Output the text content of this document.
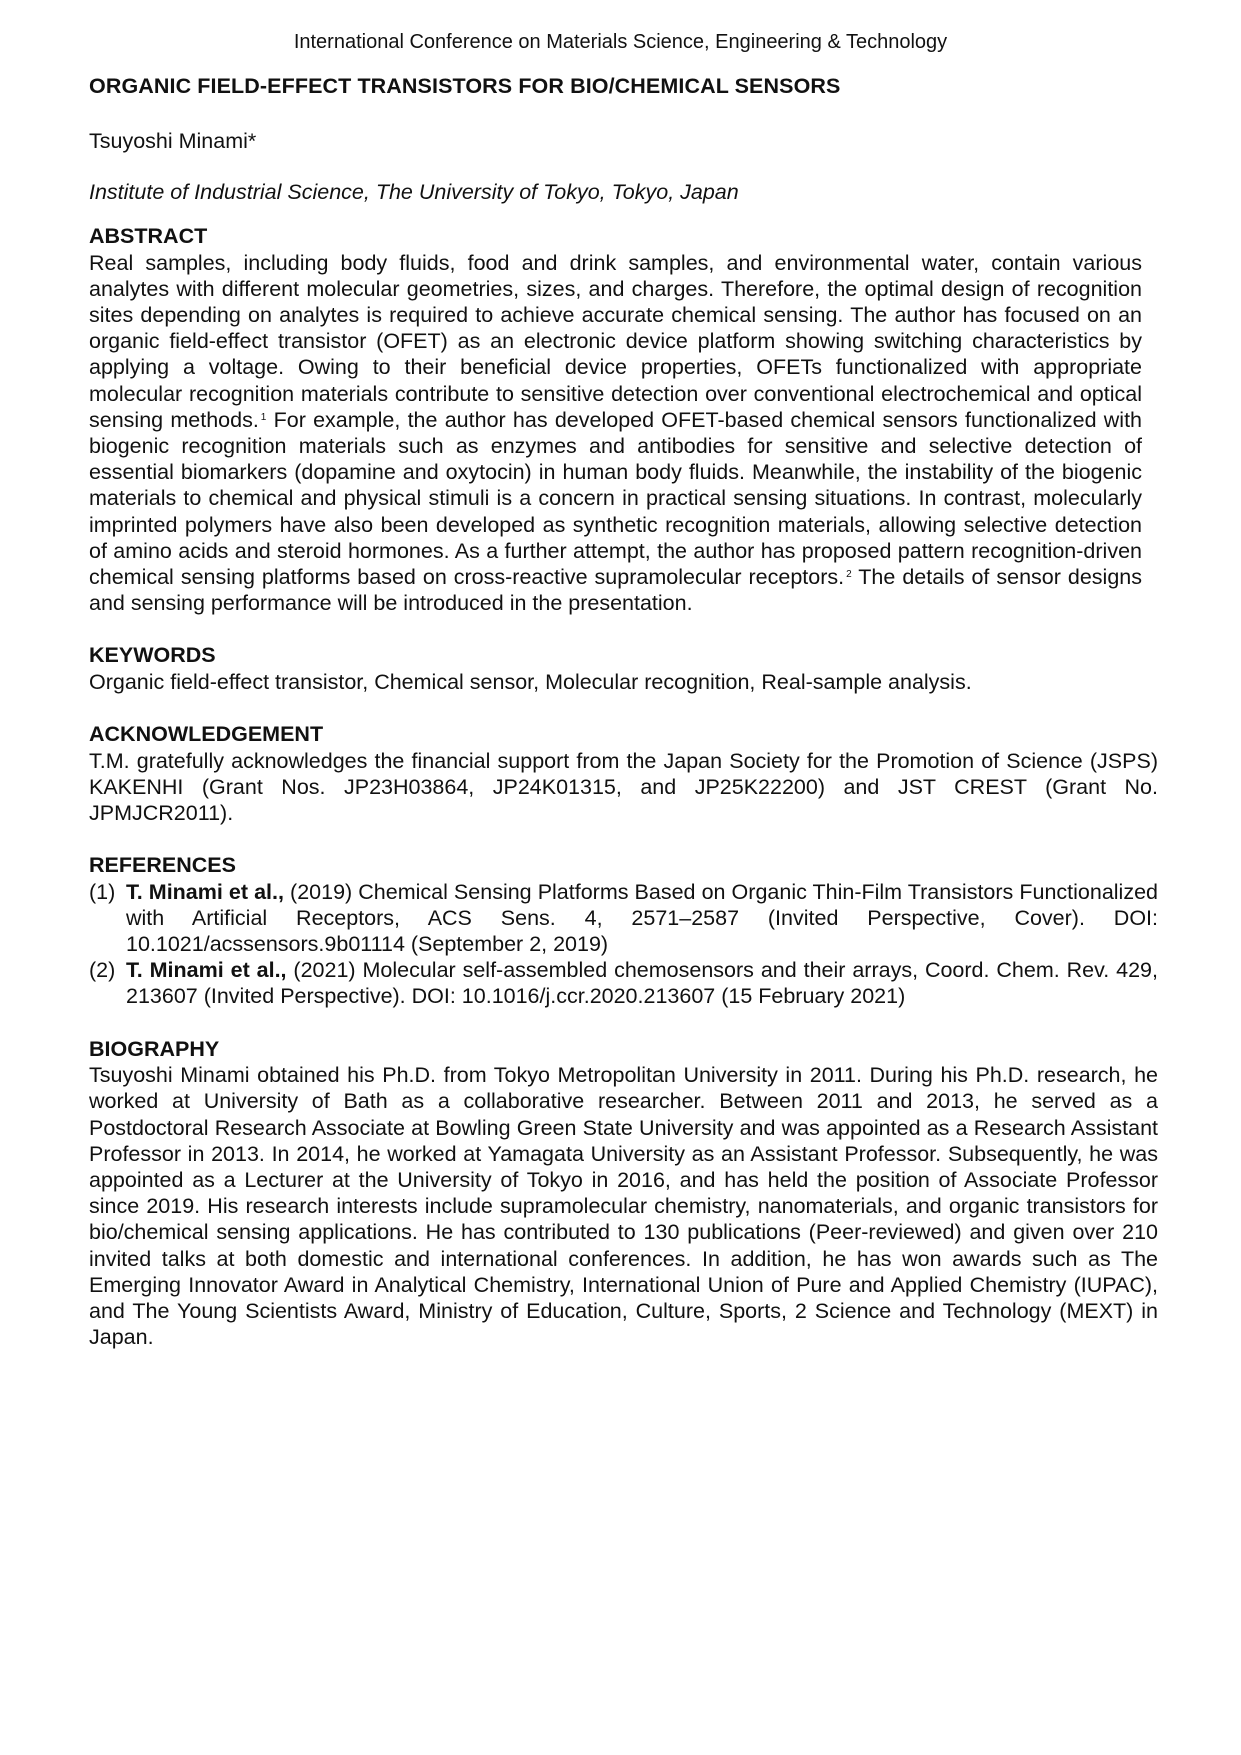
International Conference on Materials Science, Engineering & Technology
ORGANIC FIELD-EFFECT TRANSISTORS FOR BIO/CHEMICAL SENSORS

Tsuyoshi Minami*

Institute of Industrial Science, The University of Tokyo, Tokyo, Japan

ABSTRACT

Real samples, including body fluids, food and drink samples, and environmental water, contain various analytes with different molecular geometries, sizes, and charges. Therefore, the optimal design of recognition sites depending on analytes is required to achieve accurate chemical sensing. The author has focused on an organic field-effect transistor (OFET) as an electronic device platform showing switching characteristics by applying a voltage. Owing to their beneficial device properties, OFETs functionalized with appropriate molecular recognition materials contribute to sensitive detection over conventional electrochemical and optical sensing methods. $^1$ For example, the author has developed OFET-based chemical sensors functionalized with biogenic recognition materials such as enzymes and antibodies for sensitive and selective detection of essential biomarkers (dopamine and oxytocin) in human body fluids. Meanwhile, the instability of the biogenic materials to chemical and physical stimuli is a concern in practical sensing situations. In contrast, molecularly imprinted polymers have also been developed as synthetic recognition materials, allowing selective detection of amino acids and steroid hormones. As a further attempt, the author has proposed pattern recognition-driven chemical sensing platforms based on cross-reactive supramolecular receptors. $^2$ The details of sensor designs and sensing performance will be introduced in the presentation.

KEYWORDS

Organic field-effect transistor, Chemical sensor, Molecular recognition, Real-sample analysis.

ACKNOWLEDGEMENT

T.M. gratefully acknowledges the financial support from the Japan Society for the Promotion of Science (JSPS) KAKENHI (Grant Nos. JP23H03864, JP24K01315, and JP25K22200) and JST CREST (Grant No. JPMJCR2011).

REFERENCES
(1) T. Minami et al., (2019) Chemical Sensing Platforms Based on Organic Thin-Film Transistors Functionalized with Artificial Receptors, ACS Sens. 4, 2571–2587 (Invited Perspective, Cover). DOI: 10.1021/acssensors.9b01114 (September 2, 2019)
(2) T. Minami et al., (2021) Molecular self-assembled chemosensors and their arrays, Coord. Chem. Rev. 429, 213607 (Invited Perspective). DOI: 10.1016/j.ccr.2020.213607 (15 February 2021)
BIOGRAPHY

Tsuyoshi Minami obtained his Ph.D. from Tokyo Metropolitan University in 2011. During his Ph.D. research, he worked at University of Bath as a collaborative researcher. Between 2011 and 2013, he served as a Postdoctoral Research Associate at Bowling Green State University and was appointed as a Research Assistant Professor in 2013. In 2014, he worked at Yamagata University as an Assistant Professor. Subsequently, he was appointed as a Lecturer at the University of Tokyo in 2016, and has held the position of Associate Professor since 2019. His research interests include supramolecular chemistry, nanomaterials, and organic transistors for bio/chemical sensing applications. He has contributed to 130 publications (Peer-reviewed) and given over 210 invited talks at both domestic and international conferences. In addition, he has won awards such as The Emerging Innovator Award in Analytical Chemistry, International Union of Pure and Applied Chemistry (IUPAC), and The Young Scientists Award, Ministry of Education, Culture, Sports, 2 Science and Technology (MEXT) in Japan.
